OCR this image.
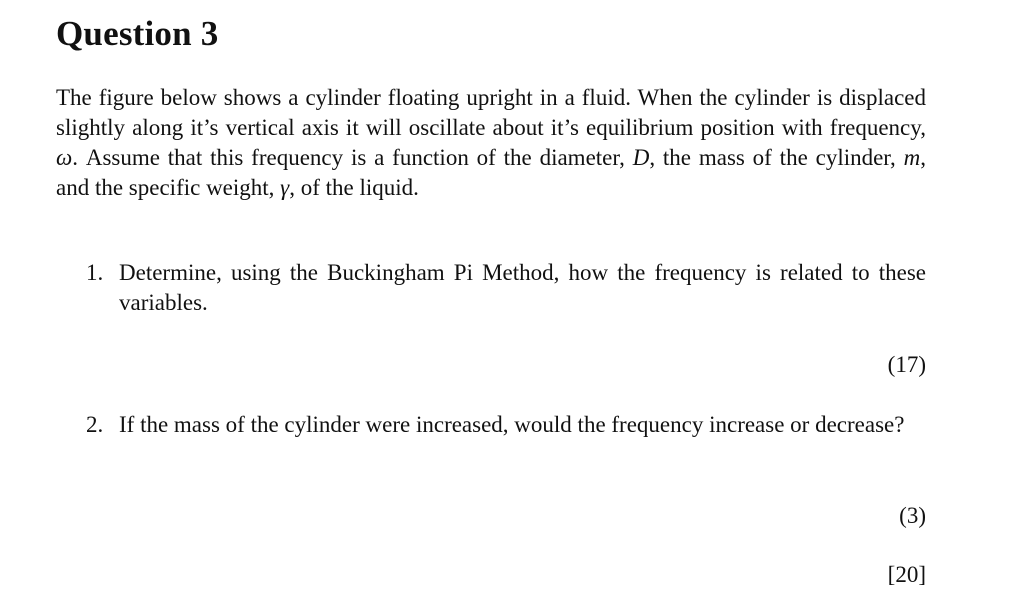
Question 3

The figure below shows a cylinder floating upright in a fluid. When the cylinder is displaced slightly along it’s vertical axis it will oscillate about it’s equilibrium position with frequency, ω. Assume that this frequency is a function of the diameter, D, the mass of the cylinder, m, and the specific weight, γ, of the liquid.

1. Determine, using the Buckingham Pi Method, how the frequency is related to these variables.
(17)
2. If the mass of the cylinder were increased, would the frequency increase or decrease?
(3)
[20]
